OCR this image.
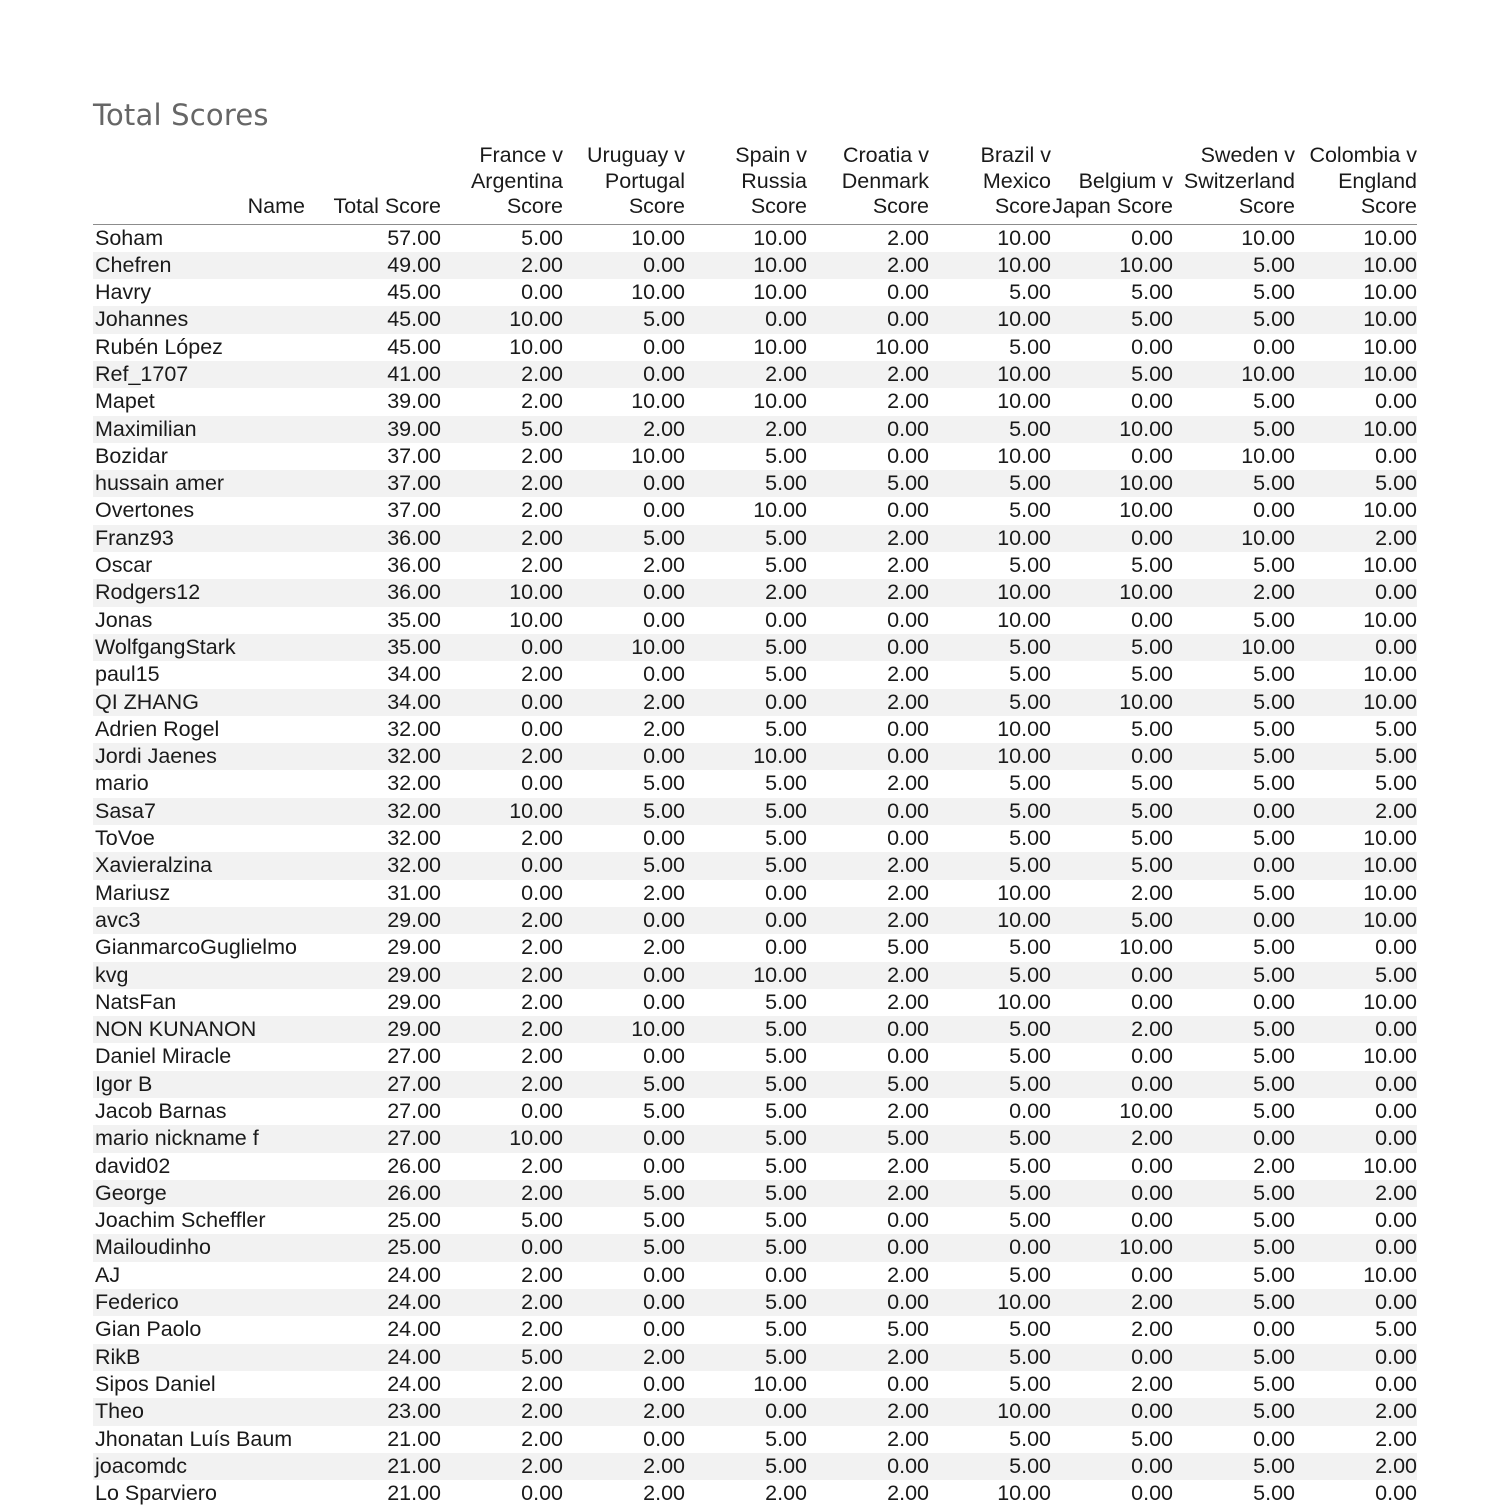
Total Scores
Name	Total Score	France v Argentina Score	Uruguay v Portugal Score	Spain v Russia Score	Croatia v Denmark Score	Brazil v Mexico Score	Belgium v Japan Score	Sweden v Switzerland Score	Colombia v England Score
Soham	57.00	5.00	10.00	10.00	2.00	10.00	0.00	10.00	10.00
Chefren	49.00	2.00	0.00	10.00	2.00	10.00	10.00	5.00	10.00
Havry	45.00	0.00	10.00	10.00	0.00	5.00	5.00	5.00	10.00
Johannes	45.00	10.00	5.00	0.00	0.00	10.00	5.00	5.00	10.00
Rubén López	45.00	10.00	0.00	10.00	10.00	5.00	0.00	0.00	10.00
Ref_1707	41.00	2.00	0.00	2.00	2.00	10.00	5.00	10.00	10.00
Mapet	39.00	2.00	10.00	10.00	2.00	10.00	0.00	5.00	0.00
Maximilian	39.00	5.00	2.00	2.00	0.00	5.00	10.00	5.00	10.00
Bozidar	37.00	2.00	10.00	5.00	0.00	10.00	0.00	10.00	0.00
hussain amer	37.00	2.00	0.00	5.00	5.00	5.00	10.00	5.00	5.00
Overtones	37.00	2.00	0.00	10.00	0.00	5.00	10.00	0.00	10.00
Franz93	36.00	2.00	5.00	5.00	2.00	10.00	0.00	10.00	2.00
Oscar	36.00	2.00	2.00	5.00	2.00	5.00	5.00	5.00	10.00
Rodgers12	36.00	10.00	0.00	2.00	2.00	10.00	10.00	2.00	0.00
Jonas	35.00	10.00	0.00	0.00	0.00	10.00	0.00	5.00	10.00
WolfgangStark	35.00	0.00	10.00	5.00	0.00	5.00	5.00	10.00	0.00
paul15	34.00	2.00	0.00	5.00	2.00	5.00	5.00	5.00	10.00
QI ZHANG	34.00	0.00	2.00	0.00	2.00	5.00	10.00	5.00	10.00
Adrien Rogel	32.00	0.00	2.00	5.00	0.00	10.00	5.00	5.00	5.00
Jordi Jaenes	32.00	2.00	0.00	10.00	0.00	10.00	0.00	5.00	5.00
mario	32.00	0.00	5.00	5.00	2.00	5.00	5.00	5.00	5.00
Sasa7	32.00	10.00	5.00	5.00	0.00	5.00	5.00	0.00	2.00
ToVoe	32.00	2.00	0.00	5.00	0.00	5.00	5.00	5.00	10.00
Xavieralzina	32.00	0.00	5.00	5.00	2.00	5.00	5.00	0.00	10.00
Mariusz	31.00	0.00	2.00	0.00	2.00	10.00	2.00	5.00	10.00
avc3	29.00	2.00	0.00	0.00	2.00	10.00	5.00	0.00	10.00
GianmarcoGuglielmo	29.00	2.00	2.00	0.00	5.00	5.00	10.00	5.00	0.00
kvg	29.00	2.00	0.00	10.00	2.00	5.00	0.00	5.00	5.00
NatsFan	29.00	2.00	0.00	5.00	2.00	10.00	0.00	0.00	10.00
NON KUNANON	29.00	2.00	10.00	5.00	0.00	5.00	2.00	5.00	0.00
Daniel Miracle	27.00	2.00	0.00	5.00	0.00	5.00	0.00	5.00	10.00
Igor B	27.00	2.00	5.00	5.00	5.00	5.00	0.00	5.00	0.00
Jacob Barnas	27.00	0.00	5.00	5.00	2.00	0.00	10.00	5.00	0.00
mario nickname f	27.00	10.00	0.00	5.00	5.00	5.00	2.00	0.00	0.00
david02	26.00	2.00	0.00	5.00	2.00	5.00	0.00	2.00	10.00
George	26.00	2.00	5.00	5.00	2.00	5.00	0.00	5.00	2.00
Joachim Scheffler	25.00	5.00	5.00	5.00	0.00	5.00	0.00	5.00	0.00
Mailoudinho	25.00	0.00	5.00	5.00	0.00	0.00	10.00	5.00	0.00
AJ	24.00	2.00	0.00	0.00	2.00	5.00	0.00	5.00	10.00
Federico	24.00	2.00	0.00	5.00	0.00	10.00	2.00	5.00	0.00
Gian Paolo	24.00	2.00	0.00	5.00	5.00	5.00	2.00	0.00	5.00
RikB	24.00	5.00	2.00	5.00	2.00	5.00	0.00	5.00	0.00
Sipos Daniel	24.00	2.00	0.00	10.00	0.00	5.00	2.00	5.00	0.00
Theo	23.00	2.00	2.00	0.00	2.00	10.00	0.00	5.00	2.00
Jhonatan Luís Baum	21.00	2.00	0.00	5.00	2.00	5.00	5.00	0.00	2.00
joacomdc	21.00	2.00	2.00	5.00	0.00	5.00	0.00	5.00	2.00
Lo Sparviero	21.00	0.00	2.00	2.00	2.00	10.00	0.00	5.00	0.00
